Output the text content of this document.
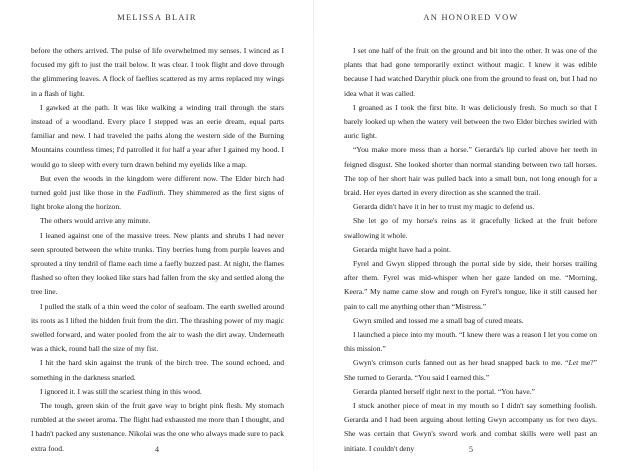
MELISSA BLAIR

before the others arrived. The pulse of life overwhelmed my senses. I winced as I focused my gift to just the trail below. It was clear. I took flight and dove through the glimmering leaves. A flock of faeflies scattered as my arms replaced my wings in a flash of light.

I gawked at the path. It was like walking a winding trail through the stars instead of a woodland. Every place I stepped was an eerie dream, equal parts familiar and new. I had traveled the paths along the western side of the Burning Mountains countless times; I'd patrolled it for half a year after I gained my hood. I would go to sleep with every turn drawn behind my eyelids like a map.

But even the woods in the kingdom were different now. The Elder birch had turned gold just like those in the Fadlinth. They shimmered as the first signs of light broke along the horizon.

The others would arrive any minute.

I leaned against one of the massive trees. New plants and shrubs I had never seen sprouted between the white trunks. Tiny berries hung from purple leaves and sprouted a tiny tendril of flame each time a faefly buzzed past. At night, the flames flashed so often they looked like stars had fallen from the sky and settled along the tree line.

I pulled the stalk of a thin weed the color of seafoam. The earth swelled around its roots as I lifted the hidden fruit from the dirt. The thrashing power of my magic swelled forward, and water pooled from the air to wash the dirt away. Underneath was a thick, round ball the size of my fist.

I hit the hard skin against the trunk of the birch tree. The sound echoed, and something in the darkness snarled.

I ignored it. I was still the scariest thing in this wood.

The tough, green skin of the fruit gave way to bright pink flesh. My stomach rumbled at the sweet aroma. The flight had exhausted me more than I thought, and I hadn't packed any sustenance. Nikolai was the one who always made sure to pack extra food.	4
AN HONORED VOW

I set one half of the fruit on the ground and bit into the other. It was one of the plants that had gone temporarily extinct without magic. I knew it was edible because I had watched Darythir pluck one from the ground to feast on, but I had no idea what it was called.

I groaned as I took the first bite. It was deliciously fresh. So much so that I barely looked up when the watery veil between the two Elder birches swirled with auric light.

“You make more mess than a horse.” Gerarda's lip curled above her teeth in feigned disgust. She looked shorter than normal standing between two tall horses. The top of her short hair was pulled back into a small bun, not long enough for a braid. Her eyes darted in every direction as she scanned the trail.

Gerarda didn't have it in her to trust my magic to defend us.

She let go of my horse's reins as it gracefully licked at the fruit before swallowing it whole.

Gerarda might have had a point.

Fyrel and Gwyn slipped through the portal side by side, their horses trailing after them. Fyrel was mid-whisper when her gaze landed on me. “Morning, Keera.” My name came slow and rough on Fyrel's tongue, like it still caused her pain to call me anything other than “Mistress.”

Gwyn smiled and tossed me a small bag of cured meats.

I launched a piece into my mouth. “I knew there was a reason I let you come on this mission.”

Gwyn's crimson curls fanned out as her head snapped back to me. “Let me?” She turned to Gerarda. “You said I earned this.”

Gerarda planted herself right next to the portal. “You have.”

I stuck another piece of meat in my mouth so I didn't say something foolish. Gerarda and I had been arguing about letting Gwyn accompany us for two days. She was certain that Gwyn's sword work and combat skills were well past an initiate. I couldn't deny	5
